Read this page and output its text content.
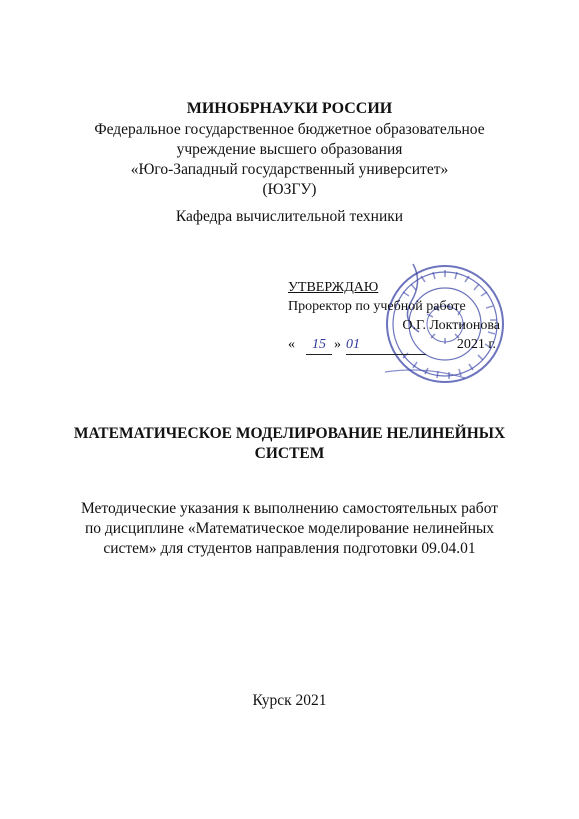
МИНОБРНАУКИ РОССИИ
Федеральное государственное бюджетное образовательное
учреждение высшего образования
«Юго-Западный государственный университет»
(ЮЗГУ)
Кафедра вычислительной техники
УТВЕРЖДАЮ
Проректор по учебной работе
О.Г. Локтионова
«	15 » 01	2021 г.
МАТЕМАТИЧЕСКОЕ МОДЕЛИРОВАНИЕ НЕЛИНЕЙНЫХ
СИСТЕМ
Методические указания к выполнению самостоятельных работ
по дисциплине «Математическое моделирование нелинейных
систем» для студентов направления подготовки 09.04.01
Курск 2021
